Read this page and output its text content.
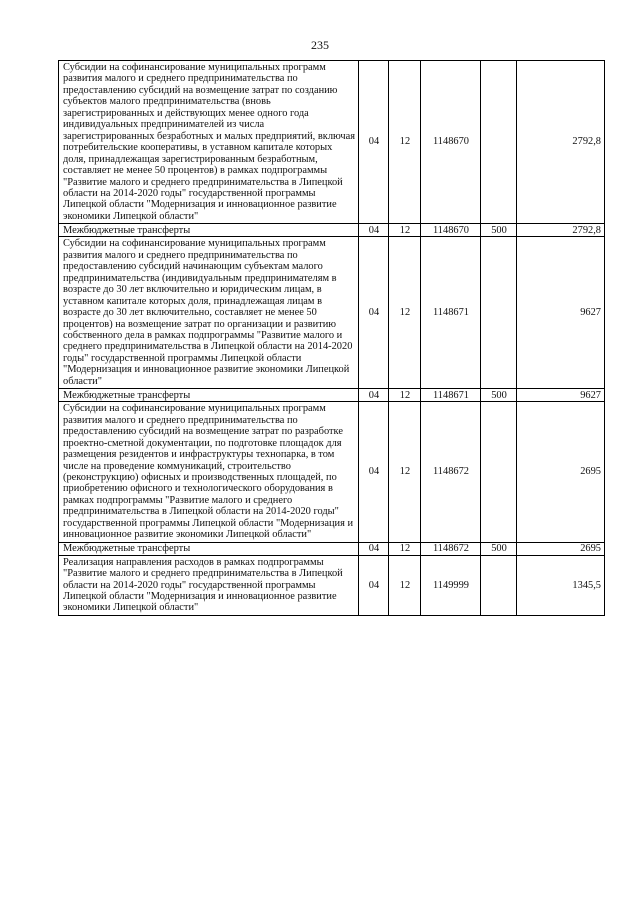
235
Субсидии на софинансирование муниципальных программ развития малого и среднего предпринимательства по предоставлению субсидий на возмещение затрат по созданию субъектов малого предпринимательства (вновь зарегистрированных и действующих менее одного года индивидуальных предпринимателей из числа зарегистрированных безработных и малых предприятий, включая потребительские кооперативы, в уставном капитале которых доля, принадлежащая зарегистрированным безработным, составляет не менее 50 процентов) в рамках подпрограммы "Развитие малого и среднего предпринимательства в Липецкой области на 2014-2020 годы" государственной программы Липецкой области "Модернизация и инновационное развитие экономики Липецкой области"	04	12	1148670		2792,8
Межбюджетные трансферты	04	12	1148670	500	2792,8
Субсидии на софинансирование муниципальных программ развития малого и среднего предпринимательства по предоставлению субсидий начинающим субъектам малого предпринимательства (индивидуальным предпринимателям в возрасте до 30 лет включительно и юридическим лицам, в уставном капитале которых доля, принадлежащая лицам в возрасте до 30 лет включительно, составляет не менее 50 процентов) на возмещение затрат по организации и развитию собственного дела в рамках подпрограммы "Развитие малого и среднего предпринимательства в Липецкой области на 2014-2020 годы" государственной программы Липецкой области "Модернизация и инновационное развитие экономики Липецкой области"	04	12	1148671		9627
Межбюджетные трансферты	04	12	1148671	500	9627
Субсидии на софинансирование муниципальных программ развития малого и среднего предпринимательства по предоставлению субсидий на возмещение затрат по разработке проектно-сметной документации, по подготовке площадок для размещения резидентов и инфраструктуры технопарка, в том числе на проведение коммуникаций, строительство (реконструкцию) офисных и производственных площадей, по приобретению офисного и технологического оборудования в рамках подпрограммы "Развитие малого и среднего предпринимательства в Липецкой области на 2014-2020 годы" государственной программы Липецкой области "Модернизация и инновационное развитие экономики Липецкой области"	04	12	1148672		2695
Межбюджетные трансферты	04	12	1148672	500	2695
Реализация направления расходов в рамках подпрограммы "Развитие малого и среднего предпринимательства в Липецкой области на 2014-2020 годы" государственной программы Липецкой области "Модернизация и инновационное развитие экономики Липецкой области"	04	12	1149999		1345,5
